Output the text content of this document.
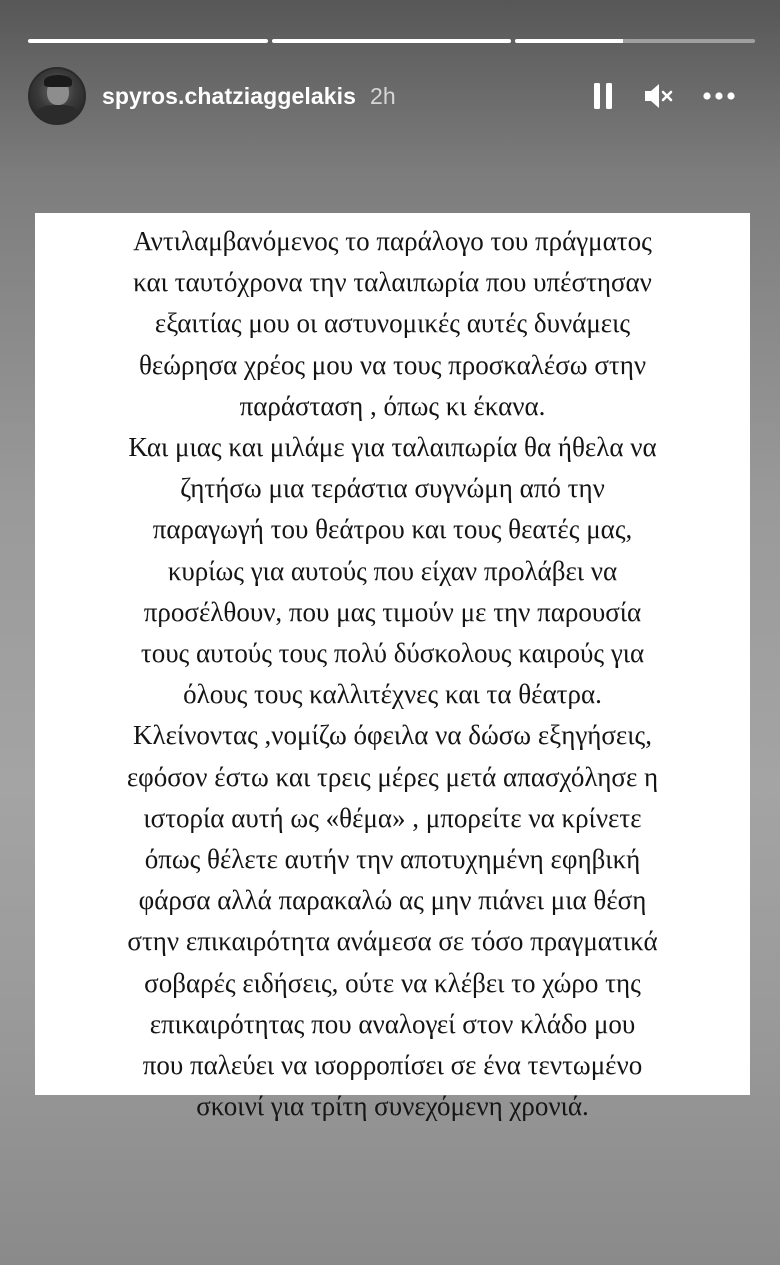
spyros.chatziaggelakis 2h

Αντιλαμβανόμενος το παράλογο του πράγματος
και ταυτόχρονα την ταλαιπωρία που υπέστησαν
εξαιτίας μου οι αστυνομικές αυτές δυνάμεις
θεώρησα χρέος μου να τους προσκαλέσω στην
παράσταση , όπως κι έκανα.
Και μιας και μιλάμε για ταλαιπωρία θα ήθελα να
ζητήσω μια τεράστια συγνώμη από την
παραγωγή του θεάτρου και τους θεατές μας,
κυρίως για αυτούς που είχαν προλάβει να
προσέλθουν, που μας τιμούν με την παρουσία
τους αυτούς τους πολύ δύσκολους καιρούς για
όλους τους καλλιτέχνες και τα θέατρα.
Κλείνοντας ,νομίζω όφειλα να δώσω εξηγήσεις,
εφόσον έστω και τρεις μέρες μετά απασχόλησε η
ιστορία αυτή ως «θέμα» , μπορείτε να κρίνετε
όπως θέλετε αυτήν την αποτυχημένη εφηβική
φάρσα αλλά παρακαλώ ας μην πιάνει μια θέση
στην επικαιρότητα ανάμεσα σε τόσο πραγματικά
σοβαρές ειδήσεις, ούτε να κλέβει το χώρο της
επικαιρότητας που αναλογεί στον κλάδο μου
που παλεύει να ισορροπίσει σε ένα τεντωμένο
σκοινί για τρίτη συνεχόμενη χρονιά.
